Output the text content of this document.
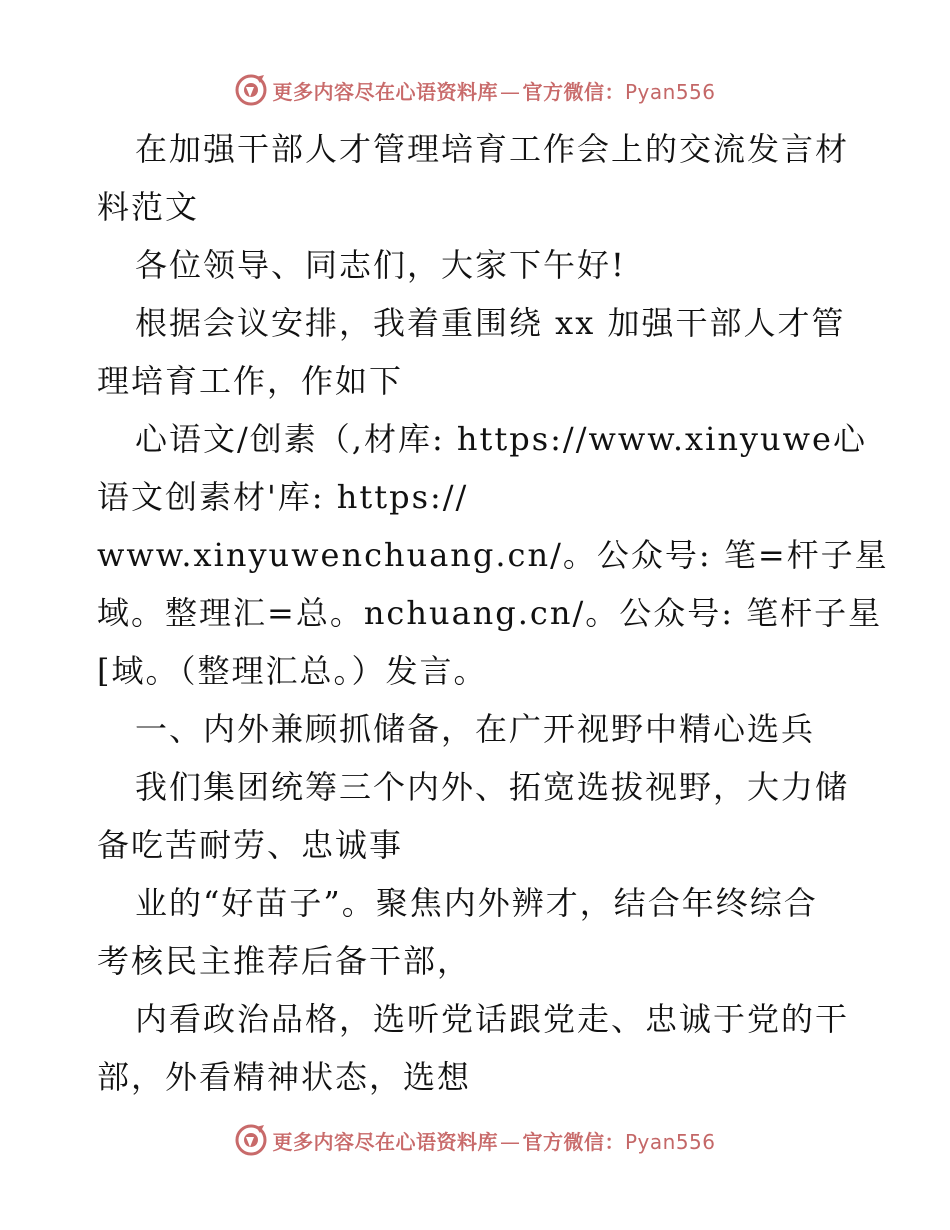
更多内容尽在心语资料库 — 官方微信：Pyan556
在加强干部人才管理培育工作会上的交流发言材
料范文
各位领导、同志们，大家下午好!
根据会议安排，我着重围绕 xx 加强干部人才管
理培育工作，作如下
心语文/创素（,材库: https://www.xinyuwe心
语文创素材'库: https://
www.xinyuwenchuang.cn/。公众号: 笔=杆子星
域。整理汇=总。nchuang.cn/。公众号: 笔杆子星
[域。（整理汇总。）发言。
一、内外兼顾抓储备，在广开视野中精心选兵
我们集团统筹三个内外、拓宽选拔视野，大力储
备吃苦耐劳、忠诚事
业的“好苗子”。聚焦内外辨才，结合年终综合
考核民主推荐后备干部，
内看政治品格，选听党话跟党走、忠诚于党的干
部，外看精神状态，选想
更多内容尽在心语资料库 — 官方微信：Pyan556
